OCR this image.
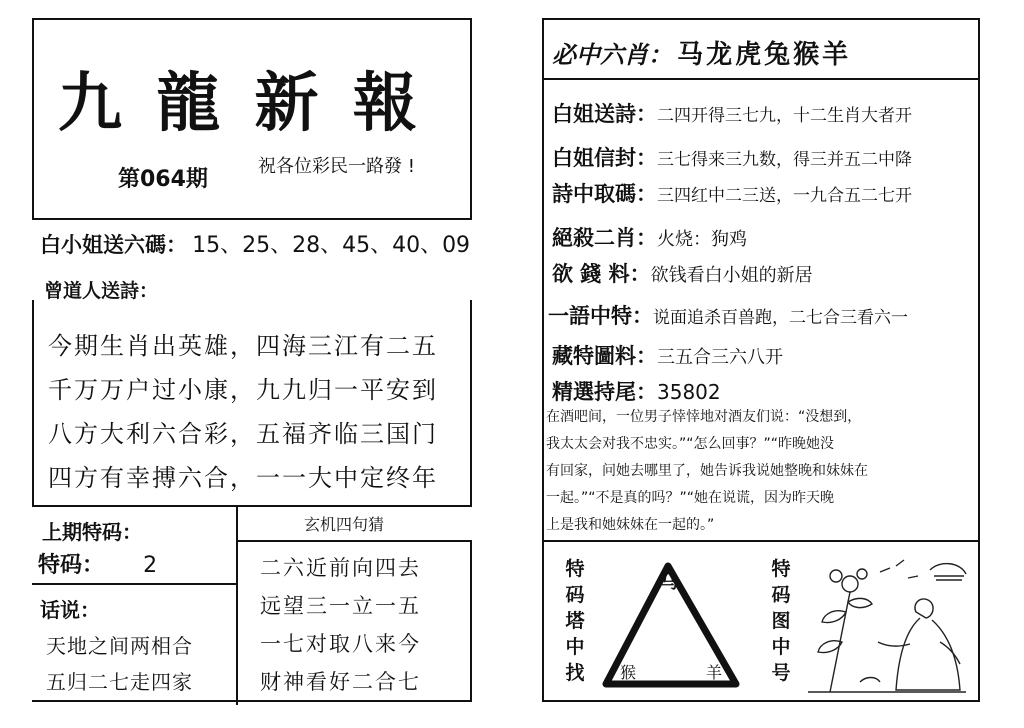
九 龍 新 報
第064期
祝各位彩民一路發 !
白小姐送六碼： 15、25、28、45、40、09
曾道人送詩：
今期生肖出英雄，四海三江有二五
千万万户过小康，九九归一平安到
八方大利六合彩，五福齐临三国门
四方有幸搏六合，一一大中定终年
上期特码：
特码： 2
玄机四句猜
二六近前向四去
远望三一立一五
一七对取八来今
财神看好二合七
话说：
天地之间两相合
五归二七走四家
必中六肖： 马龙虎兔猴羊
白姐送詩：二四开得三七九，十二生肖大者开
白姐信封：三七得来三九数，得三并五二中降
詩中取碼：三四红中二三送，一九合五二七开
絕殺二肖：火烧：狗鸡
欲 錢 料：欲钱看白小姐的新居
一語中特：说面追杀百兽跑，二七合三看六一
藏特圖料：三五合三六八开
精選持尾：35802
在酒吧间，一位男子悻悻地对酒友们说：“没想到，
我太太会对我不忠实。”“怎么回事？”“昨晚她没
有回家，问她去哪里了，她告诉我说她整晚和妹妹在
一起。”“不是真的吗？”“她在说谎，因为昨天晚
上是我和她妹妹在一起的。”
特
码
塔
中
找
特
码
图
中
号
马
猴	羊
